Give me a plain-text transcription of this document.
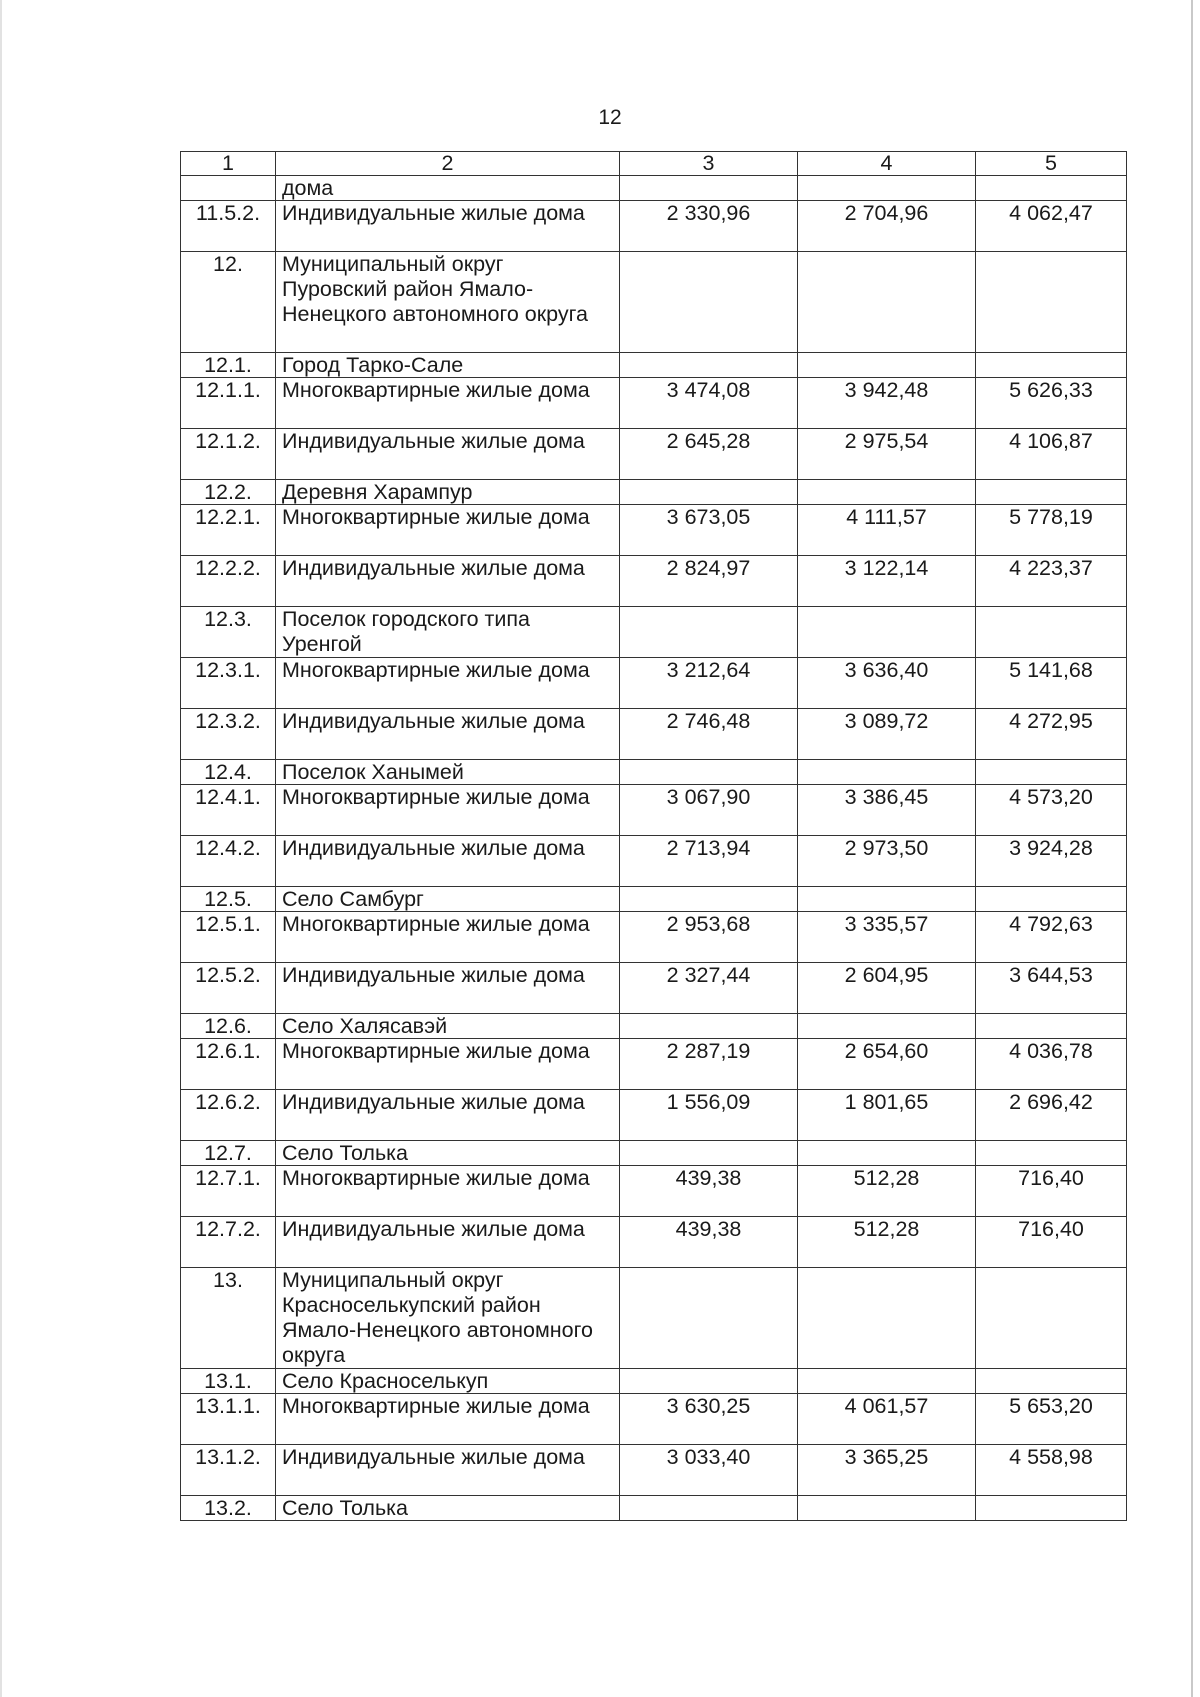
12
1	2	3	4	5
	дома			
11.5.2.	Индивидуальные жилые дома	2 330,96	2 704,96	4 062,47
12.	Муниципальный округ Пуровский район Ямало-Ненецкого автономного округа			
12.1.	Город Тарко-Сале			
12.1.1.	Многоквартирные жилые дома	3 474,08	3 942,48	5 626,33
12.1.2.	Индивидуальные жилые дома	2 645,28	2 975,54	4 106,87
12.2.	Деревня Харампур			
12.2.1.	Многоквартирные жилые дома	3 673,05	4 111,57	5 778,19
12.2.2.	Индивидуальные жилые дома	2 824,97	3 122,14	4 223,37
12.3.	Поселок городского типа Уренгой			
12.3.1.	Многоквартирные жилые дома	3 212,64	3 636,40	5 141,68
12.3.2.	Индивидуальные жилые дома	2 746,48	3 089,72	4 272,95
12.4.	Поселок Ханымей			
12.4.1.	Многоквартирные жилые дома	3 067,90	3 386,45	4 573,20
12.4.2.	Индивидуальные жилые дома	2 713,94	2 973,50	3 924,28
12.5.	Село Самбург			
12.5.1.	Многоквартирные жилые дома	2 953,68	3 335,57	4 792,63
12.5.2.	Индивидуальные жилые дома	2 327,44	2 604,95	3 644,53
12.6.	Село Халясавэй			
12.6.1.	Многоквартирные жилые дома	2 287,19	2 654,60	4 036,78
12.6.2.	Индивидуальные жилые дома	1 556,09	1 801,65	2 696,42
12.7.	Село Толька			
12.7.1.	Многоквартирные жилые дома	439,38	512,28	716,40
12.7.2.	Индивидуальные жилые дома	439,38	512,28	716,40
13.	Муниципальный округ Красноселькупский район Ямало-Ненецкого автономного округа			
13.1.	Село Красноселькуп			
13.1.1.	Многоквартирные жилые дома	3 630,25	4 061,57	5 653,20
13.1.2.	Индивидуальные жилые дома	3 033,40	3 365,25	4 558,98
13.2.	Село Толька			
